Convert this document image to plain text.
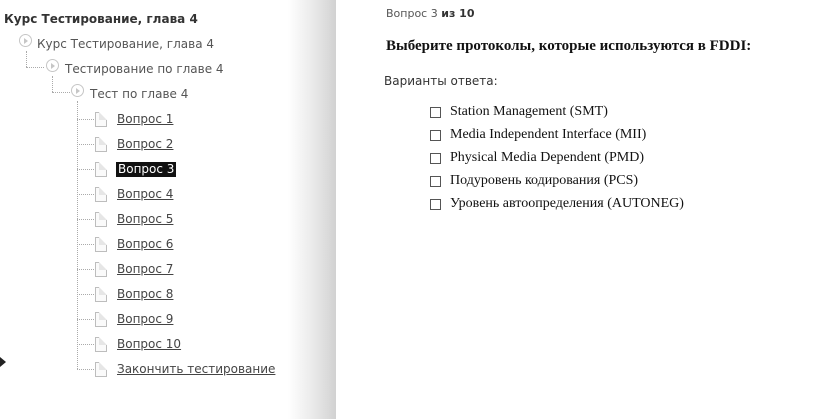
Курс Тестирование, глава 4
Курс Тестирование, глава 4
Тестирование по главе 4
Тест по главе 4
Вопрос 1
Вопрос 2
Вопрос 3
Вопрос 4
Вопрос 5
Вопрос 6
Вопрос 7
Вопрос 8
Вопрос 9
Вопрос 10
Закончить тестирование
Вопрос 3 из 10
Выберите протоколы, которые используются в FDDI:
Варианты ответа:
Station Management (SMT)
Media Independent Interface (MII)
Physical Media Dependent (PMD)
Подуровень кодирования (PCS)
Уровень автоопределения (AUTONEG)
